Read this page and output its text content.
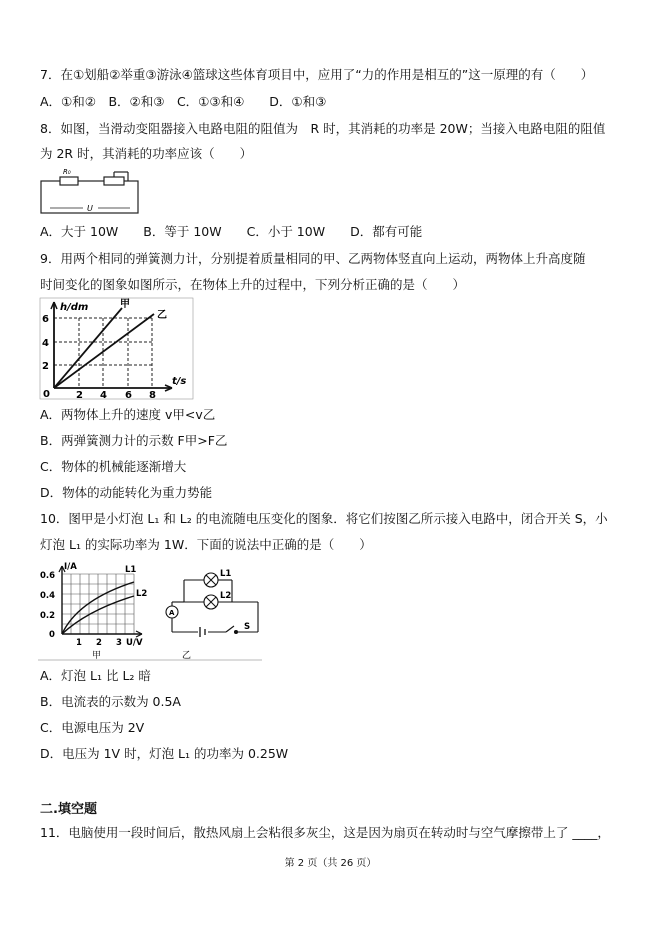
7．在①划船②举重③游泳④篮球这些体育项目中，应用了“力的作用是相互的”这一原理的有（　　）
A．①和②　B．②和③　C．①③和④　　D．①和③
8．如图，当滑动变阻器接入电路电阻的阻值为　R 时，其消耗的功率是 20W；当接入电路电阻的阻值
为 2R 时，其消耗的功率应该（　　）
R₀
U
A．大于 10W　　B．等于 10W　　C．小于 10W　　D．都有可能
9．用两个相同的弹簧测力计，分别提着质量相同的甲、乙两物体竖直向上运动，两物体上升高度随
时间变化的图象如图所示，在物体上升的过程中，下列分析正确的是（　　）
2
4
6
0	2 4 6 8
h/dm
t/s
甲
乙
A．两物体上升的速度 v甲<v乙
B．两弹簧测力计的示数 F甲>F乙
C．物体的机械能逐渐增大
D．物体的动能转化为重力势能
10．图甲是小灯泡 L₁ 和 L₂ 的电流随电压变化的图象．将它们按图乙所示接入电路中，闭合开关 S，小
灯泡 L₁ 的实际功率为 1W．下面的说法中正确的是（　　）
0.6
0.4
0.2
0
1 2 3
I/A
U/V
L1
L2
甲
L1
L2
A
S
乙
A．灯泡 L₁ 比 L₂ 暗
B．电流表的示数为 0.5A
C．电源电压为 2V
D．电压为 1V 时，灯泡 L₁ 的功率为 0.25W
二.填空题
11．电脑使用一段时间后，散热风扇上会粘很多灰尘，这是因为扇页在转动时与空气摩擦带上了 ____，
第 2 页（共 26 页）
